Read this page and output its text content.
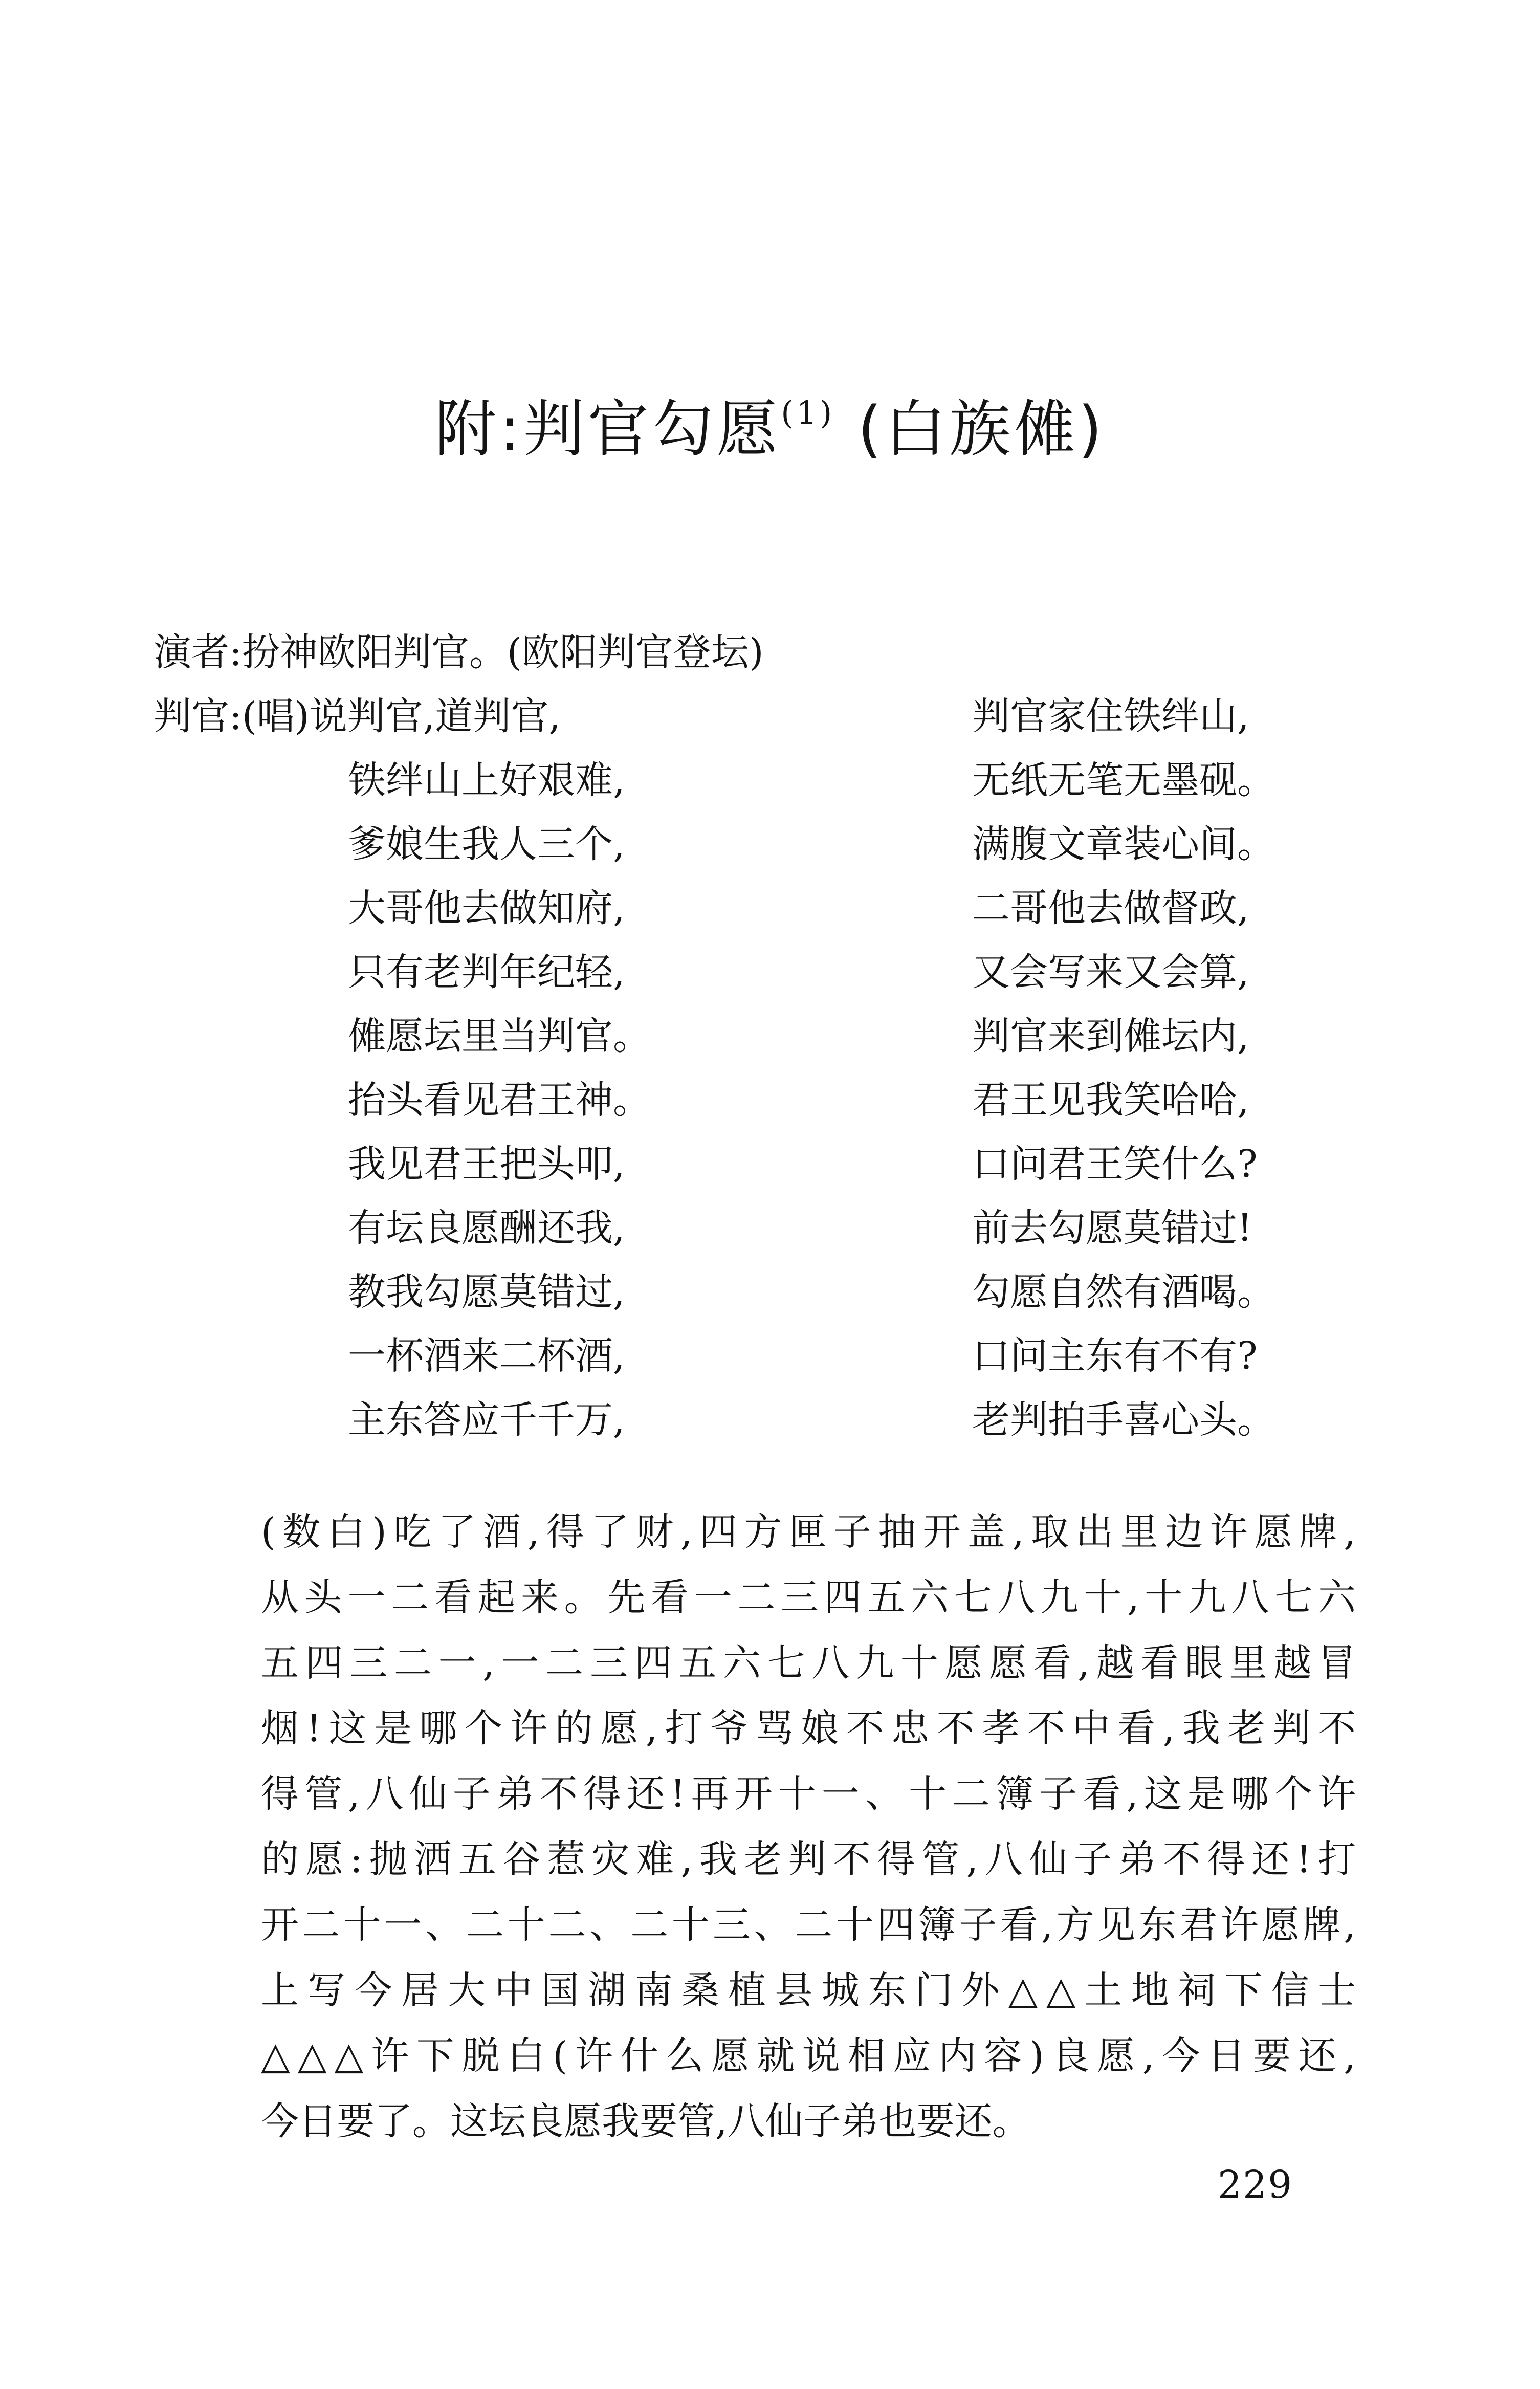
附:判官勾愿$^{(1)}$ (白族傩)
演者:扮神欧阳判官。(欧阳判官登坛)
判官:(唱)说判官,道判官,	判官家住铁绊山,
铁绊山上好艰难,	无纸无笔无墨砚。
爹娘生我人三个,	满腹文章装心间。
大哥他去做知府,	二哥他去做督政,
只有老判年纪轻,	又会写来又会算,
傩愿坛里当判官。	判官来到傩坛内,
抬头看见君王神。	君王见我笑哈哈,
我见君王把头叩,	口问君王笑什么?
有坛良愿酬还我,	前去勾愿莫错过!
教我勾愿莫错过,	勾愿自然有酒喝。
一杯酒来二杯酒,	口问主东有不有?
主东答应千千万,	老判拍手喜心头。
(数白)吃了酒,得了财,四方匣子抽开盖,取出里边许愿牌,
从头一二看起来。先看一二三四五六七八九十,十九八七六
五四三二一,一二三四五六七八九十愿愿看,越看眼里越冒
烟!这是哪个许的愿,打爷骂娘不忠不孝不中看,我老判不
得管,八仙子弟不得还!再开十一、十二簿子看,这是哪个许
的愿:抛洒五谷惹灾难,我老判不得管,八仙子弟不得还!打
开二十一、二十二、二十三、二十四簿子看,方见东君许愿牌,
上写今居大中国湖南桑植县城东门外△△土地祠下信士
△△△许下脱白(许什么愿就说相应内容)良愿,今日要还,
今日要了。这坛良愿我要管,八仙子弟也要还。
229
